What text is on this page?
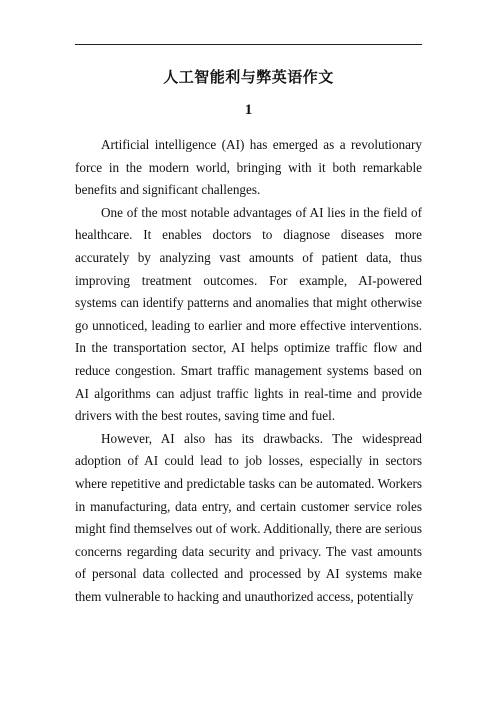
人工智能利与弊英语作文
1

Artificial intelligence (AI) has emerged as a revolutionary force in the modern world, bringing with it both remarkable benefits and significant challenges.

One of the most notable advantages of AI lies in the field of healthcare. It enables doctors to diagnose diseases more accurately by analyzing vast amounts of patient data, thus improving treatment outcomes. For example, AI-powered systems can identify patterns and anomalies that might otherwise go unnoticed, leading to earlier and more effective interventions. In the transportation sector, AI helps optimize traffic flow and reduce congestion. Smart traffic management systems based on AI algorithms can adjust traffic lights in real-time and provide drivers with the best routes, saving time and fuel.

However, AI also has its drawbacks. The widespread adoption of AI could lead to job losses, especially in sectors where repetitive and predictable tasks can be automated. Workers in manufacturing, data entry, and certain customer service roles might find themselves out of work. Additionally, there are serious concerns regarding data security and privacy. The vast amounts of personal data collected and processed by AI systems make them vulnerable to hacking and unauthorized access, potentially
